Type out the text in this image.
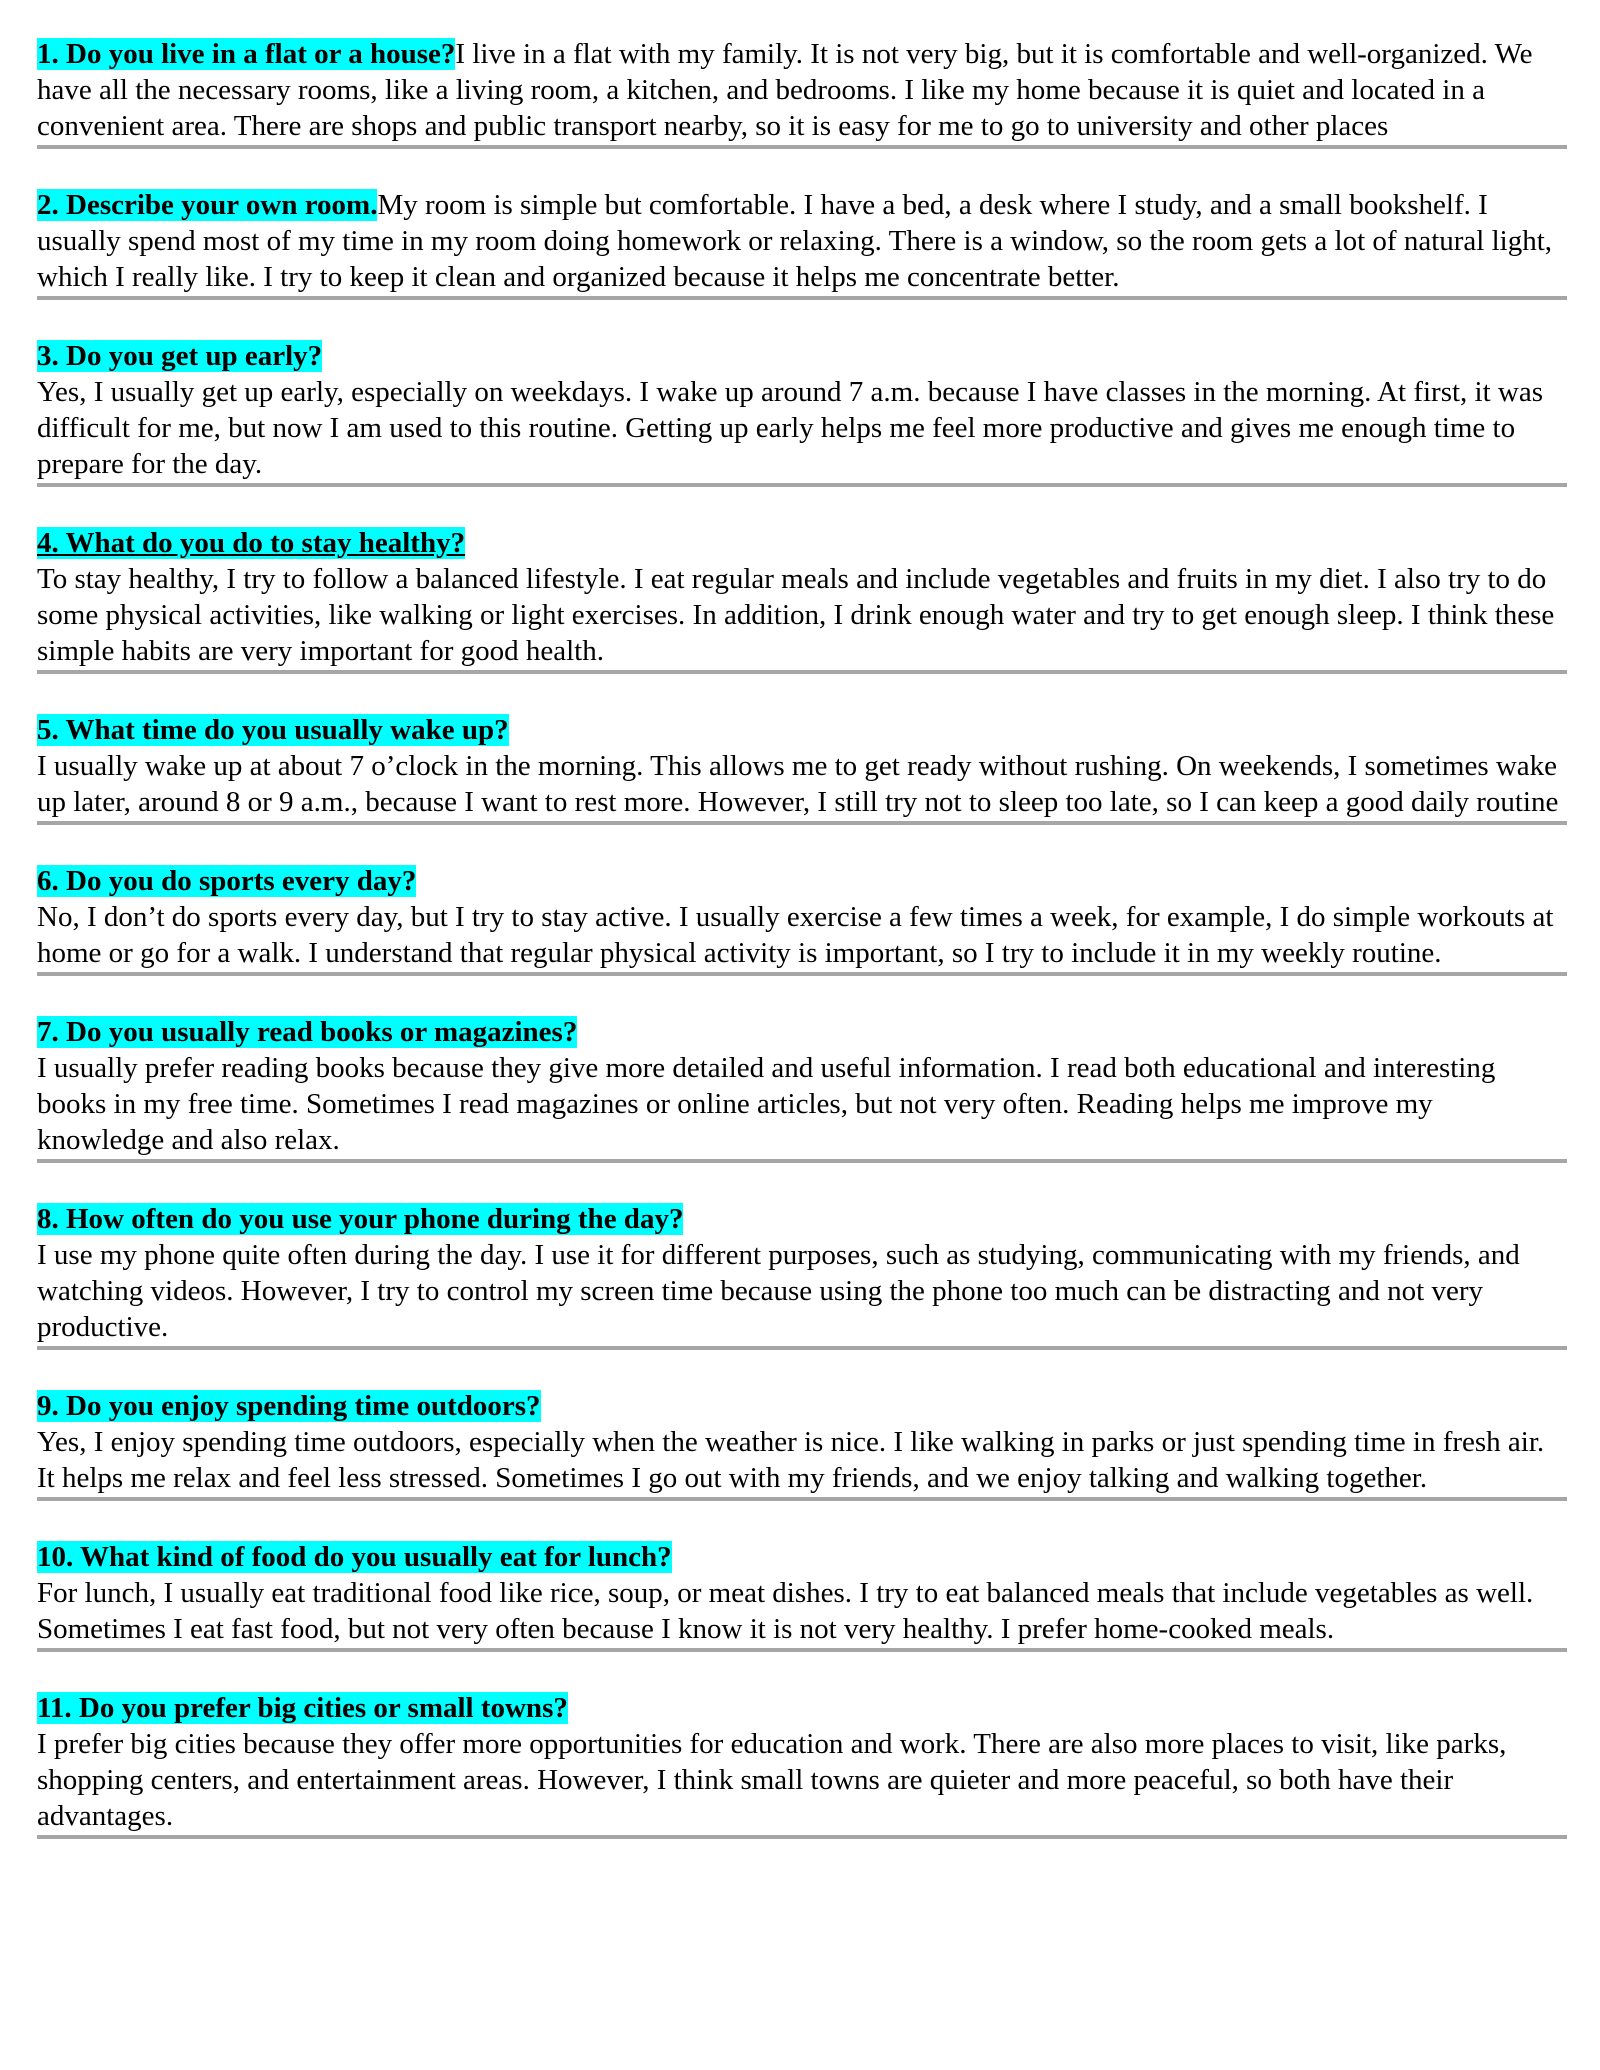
1. Do you live in a flat or a house?I live in a flat with my family. It is not very big, but it is comfortable and well-organized. We have all the necessary rooms, like a living room, a kitchen, and bedrooms. I like my home because it is quiet and located in a convenient area. There are shops and public transport nearby, so it is easy for me to go to university and other places
2. Describe your own room.My room is simple but comfortable. I have a bed, a desk where I study, and a small bookshelf. I usually spend most of my time in my room doing homework or relaxing. There is a window, so the room gets a lot of natural light, which I really like. I try to keep it clean and organized because it helps me concentrate better.
3. Do you get up early?
Yes, I usually get up early, especially on weekdays. I wake up around 7 a.m. because I have classes in the morning. At first, it was difficult for me, but now I am used to this routine. Getting up early helps me feel more productive and gives me enough time to prepare for the day.
4. What do you do to stay healthy?
To stay healthy, I try to follow a balanced lifestyle. I eat regular meals and include vegetables and fruits in my diet. I also try to do some physical activities, like walking or light exercises. In addition, I drink enough water and try to get enough sleep. I think these simple habits are very important for good health.
5. What time do you usually wake up?
I usually wake up at about 7 o’clock in the morning. This allows me to get ready without rushing. On weekends, I sometimes wake up later, around 8 or 9 a.m., because I want to rest more. However, I still try not to sleep too late, so I can keep a good daily routine
6. Do you do sports every day?
No, I don’t do sports every day, but I try to stay active. I usually exercise a few times a week, for example, I do simple workouts at home or go for a walk. I understand that regular physical activity is important, so I try to include it in my weekly routine.
7. Do you usually read books or magazines?
I usually prefer reading books because they give more detailed and useful information. I read both educational and interesting books in my free time. Sometimes I read magazines or online articles, but not very often. Reading helps me improve my knowledge and also relax.
8. How often do you use your phone during the day?
I use my phone quite often during the day. I use it for different purposes, such as studying, communicating with my friends, and watching videos. However, I try to control my screen time because using the phone too much can be distracting and not very productive.
9. Do you enjoy spending time outdoors?
Yes, I enjoy spending time outdoors, especially when the weather is nice. I like walking in parks or just spending time in fresh air. It helps me relax and feel less stressed. Sometimes I go out with my friends, and we enjoy talking and walking together.
10. What kind of food do you usually eat for lunch?
For lunch, I usually eat traditional food like rice, soup, or meat dishes. I try to eat balanced meals that include vegetables as well. Sometimes I eat fast food, but not very often because I know it is not very healthy. I prefer home-cooked meals.
11. Do you prefer big cities or small towns?
I prefer big cities because they offer more opportunities for education and work. There are also more places to visit, like parks, shopping centers, and entertainment areas. However, I think small towns are quieter and more peaceful, so both have their advantages.
